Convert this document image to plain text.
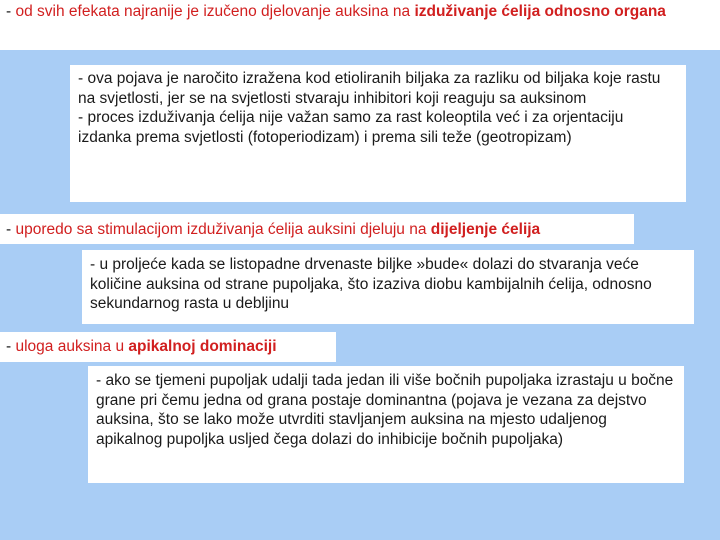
- od svih efekata najranije je izučeno djelovanje auksina na izduživanje ćelija odnosno organa

- ova pojava je naročito izražena kod etioliranih biljaka za razliku od biljaka koje rastu na svjetlosti, jer se na svjetlosti stvaraju inhibitori koji reaguju sa auksinom

- proces izduživanja ćelija nije važan samo za rast koleoptila već i za orjentaciju izdanka prema svjetlosti (fotoperiodizam) i prema sili teže (geotropizam)

- uporedo sa stimulacijom izduživanja ćelija auksini djeluju na dijeljenje ćelija

- u proljeće kada se listopadne drvenaste biljke »bude« dolazi do stvaranja veće količine auksina od strane pupoljaka, što izaziva diobu kambijalnih ćelija, odnosno sekundarnog rasta u debljinu

- uloga auksina u apikalnoj dominaciji

- ako se tjemeni pupoljak udalji tada jedan ili više bočnih pupoljaka izrastaju u bočne grane pri čemu jedna od grana postaje dominantna (pojava je vezana za dejstvo auksina, što se lako može utvrditi stavljanjem auksina na mjesto udaljenog apikalnog pupoljka usljed čega dolazi do inhibicije bočnih pupoljaka)
